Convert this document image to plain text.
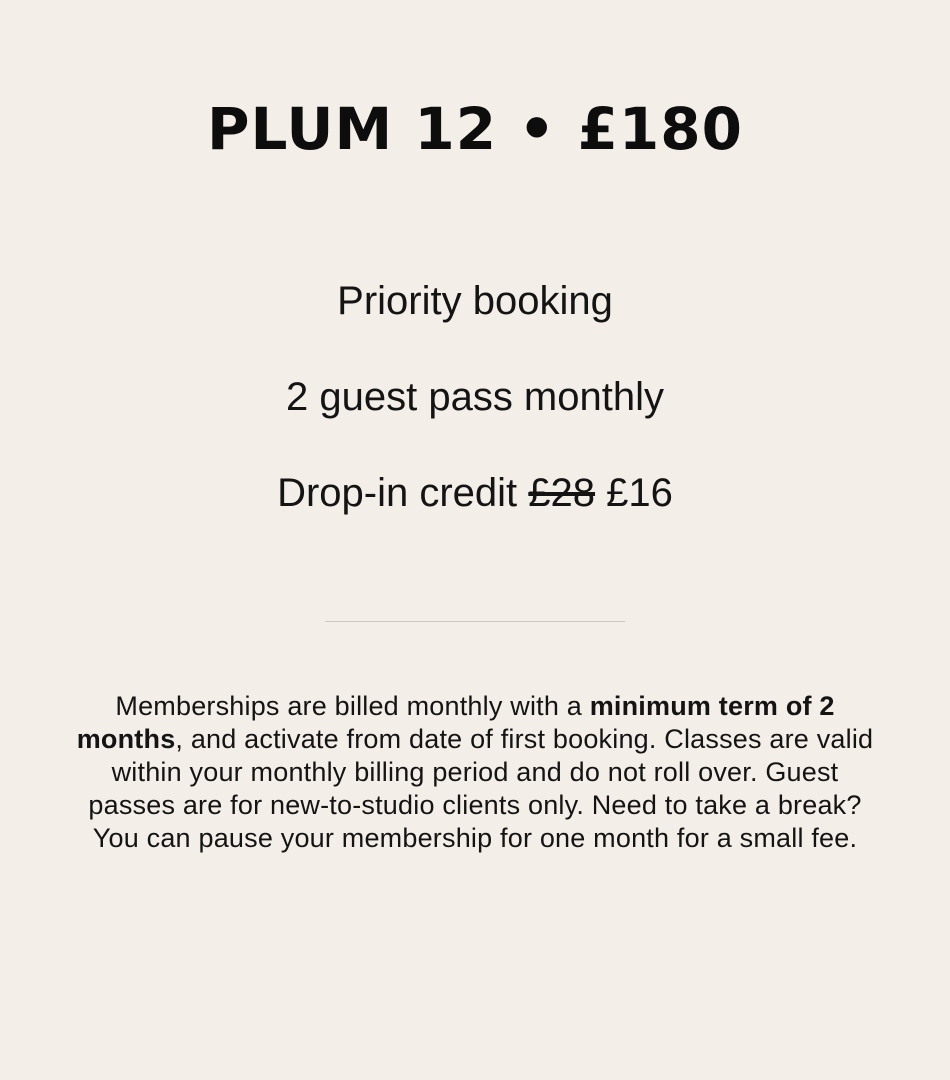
PLUM 12 • £180
Priority booking
2 guest pass monthly
Drop-in credit £28 £16

Memberships are billed monthly with a minimum term of 2 months, and activate from date of first booking. Classes are valid within your monthly billing period and do not roll over. Guest passes are for new-to-studio clients only. Need to take a break? You can pause your membership for one month for a small fee.
